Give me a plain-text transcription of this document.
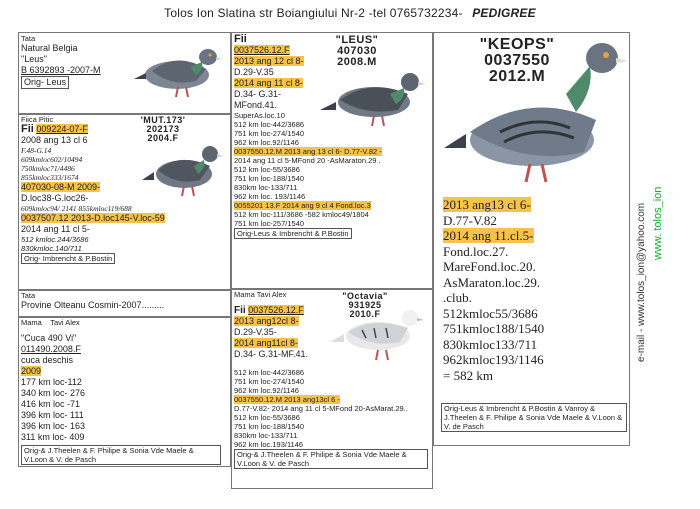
Tolos Ion Slatina str Boiangiului Nr-2 -tel 0765732234- PEDIGREE
Tata
Natural Belgia
"Leus"
B 6392893 -2007-M
Orig- Leus
Fiica Pitic
Fii 009224-07-F
2008 ang 13 cl 6
F.48-G.14
609kmloc602/10494
750kmloc71/4486
855kmloc333/1674
407030-08-M 2009-
D.loc38-G.loc26-
609kmloc94/ 2141 855kmloc119/688
0037507.12 2013-D.loc145-V.loc-59
2014 ang 11 cl 5-
512 kmloc.244/3686
830kmloc.140/711
Orig- Imbrencht & P.Bostin
'MUT.173'
202173
2004.F
Tata
Provine Olteanu Cosmin-2007.........
Mama Tavi Alex
"Cuca 490 Vi"
011490.2008.F
cuca deschis
2009
177 km loc-112
340 km loc- 276
416 km loc -71
396 km loc- 111
396 km loc- 163
311 km loc- 409
Orig-& J.Theelen & F. Philipe & Sonia Vde Maele & V.Loon & V. de Pasch
Fii
0037526.12.F
2013 ang 12 cl 8-
D.29-V.35
2014 ang 11 cl 8-
D.34- G.31-
MFond.41.
SuperAs.loc.10
512 km loc-442/3686
751 km loc-274/1540
962 km loc.92/1146
0037550.12.M 2013 ang 13 cl 6- D.77-V.82 -
2014 ang 11 cl 5-MFond 20 -AsMaraton.29 .
512 km loc-55/3686
751 km loc-188/1540
830km loc-133/711
962 km loc. 193/1146
0055201 13.F 2014 ang 9 cl 4 Fond.loc.3
512 km loc-111/3686 -582 kmloc49/1804
751 km loc-257/1540
Orig-Leus & Imbrencht & P.Bostin
"LEUS"
407030
2008.M
Mama Tavi Alex
Fii 0037526.12.F
2013 ang12cl 8-
D.29-V.35-
2014 ang11cl 8-
D.34- G.31-MF.41.
512 km loc-442/3686
751 km loc-274/1540
962 km loc.92/1146
0037550.12.M 2013 ang13cl 6 -
D.77-V.82- 2014 ang 11 cl 5-MFond 20-AsMarat.29..
512 km loc-55/3686
751 km loc-188/1540
830km loc-133/711
962 km loc.193/1146
Orig-& J.Theelen & F. Philipe & Sonia Vde Maele & V.Loon & V. de Pasch
"Octavia"
931925
2010.F
"KEOPS"
0037550
2012.M
2013 ang13 cl 6-
D.77-V.82
2014 ang 11.cl.5-
Fond.loc.27.
MareFond.loc.20.
AsMaraton.loc.29.
.club.
512kmloc55/3686
751kmloc188/1540
830kmloc133/711
962kmloc193/1146
= 582 km
Orig-Leus & Imbrencht & P.Bostin & Vanroy & J.Theelen & F. Philipe & Sonia Vde Maele & V.Loon & V. de Pasch
e-mail - www.tolos_ion@yahoo.com www. tolos_ion
